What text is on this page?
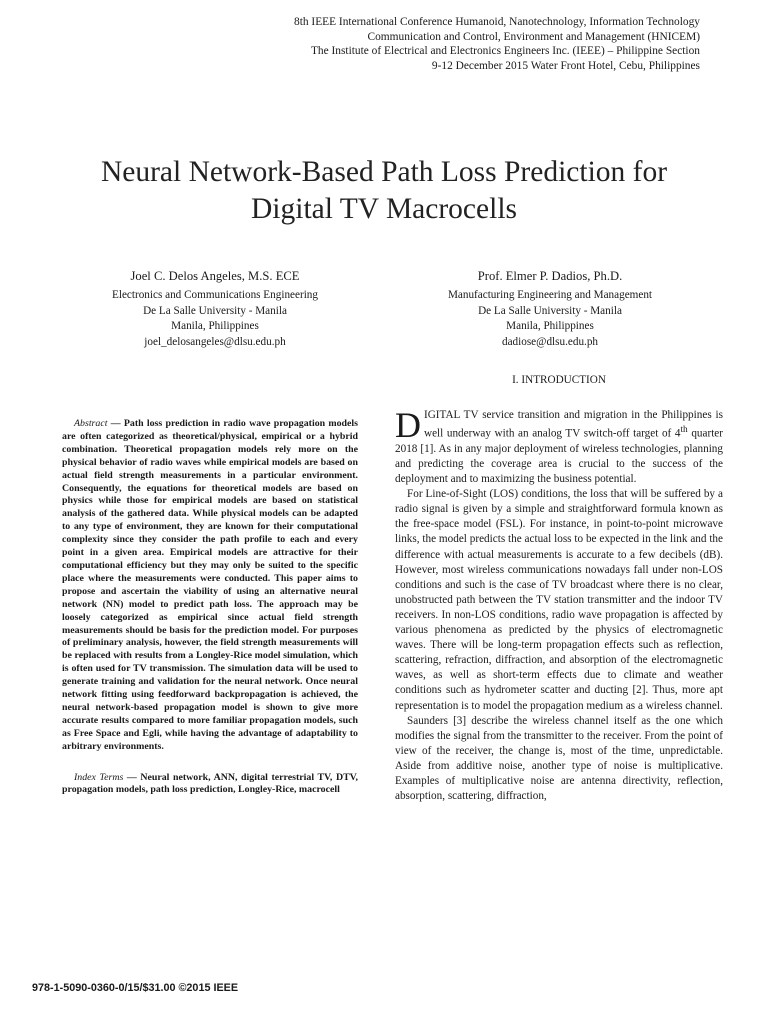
8th IEEE International Conference Humanoid, Nanotechnology, Information Technology
Communication and Control, Environment and Management (HNICEM)
The Institute of Electrical and Electronics Engineers Inc. (IEEE) – Philippine Section
9-12 December 2015 Water Front Hotel, Cebu, Philippines
Neural Network-Based Path Loss Prediction for
Digital TV Macrocells
Joel C. Delos Angeles, M.S. ECE
Electronics and Communications Engineering
De La Salle University - Manila
Manila, Philippines
joel_delosangeles@dlsu.edu.ph
Prof. Elmer P. Dadios, Ph.D.
Manufacturing Engineering and Management
De La Salle University - Manila
Manila, Philippines
dadiose@dlsu.edu.ph

Abstract — Path loss prediction in radio wave propagation models are often categorized as theoretical/physical, empirical or a hybrid combination. Theoretical propagation models rely more on the physical behavior of radio waves while empirical models are based on actual field strength measurements in a particular environment. Consequently, the equations for theoretical models are based on physics while those for empirical models are based on statistical analysis of the gathered data. While physical models can be adapted to any type of environment, they are known for their computational complexity since they consider the path profile to each and every point in a given area. Empirical models are attractive for their computational efficiency but they may only be suited to the specific place where the measurements were conducted. This paper aims to propose and ascertain the viability of using an alternative neural network (NN) model to predict path loss. The approach may be loosely categorized as empirical since actual field strength measurements should be basis for the prediction model. For purposes of preliminary analysis, however, the field strength measurements will be replaced with results from a Longley-Rice model simulation, which is often used for TV transmission. The simulation data will be used to generate training and validation for the neural network. Once neural network fitting using feedforward backpropagation is achieved, the neural network-based propagation model is shown to give more accurate results compared to more familiar propagation models, such as Free Space and Egli, while having the advantage of adaptability to arbitrary environments.

Index Terms — Neural network, ANN, digital terrestrial TV, DTV, propagation models, path loss prediction, Longley-Rice, macrocell

I. INTRODUCTION

DIGITAL TV service transition and migration in the Philippines is well underway with an analog TV switch-off target of 4th quarter 2018 [1]. As in any major deployment of wireless technologies, planning and predicting the coverage area is crucial to the success of the deployment and to maximizing the business potential.

For Line-of-Sight (LOS) conditions, the loss that will be suffered by a radio signal is given by a simple and straightforward formula known as the free-space model (FSL). For instance, in point-to-point microwave links, the model predicts the actual loss to be expected in the link and the difference with actual measurements is accurate to a few decibels (dB). However, most wireless communications nowadays fall under non-LOS conditions and such is the case of TV broadcast where there is no clear, unobstructed path between the TV station transmitter and the indoor TV receivers. In non-LOS conditions, radio wave propagation is affected by various phenomena as predicted by the physics of electromagnetic waves. There will be long-term propagation effects such as reflection, scattering, refraction, diffraction, and absorption of the electromagnetic waves, as well as short-term effects due to climate and weather conditions such as hydrometer scatter and ducting [2]. Thus, more apt representation is to model the propagation medium as a wireless channel.

Saunders [3] describe the wireless channel itself as the one which modifies the signal from the transmitter to the receiver. From the point of view of the receiver, the change is, most of the time, unpredictable. Aside from additive noise, another type of noise is multiplicative. Examples of multiplicative noise are antenna directivity, reflection, absorption, scattering, diffraction,

978-1-5090-0360-0/15/$31.00 ©2015 IEEE
